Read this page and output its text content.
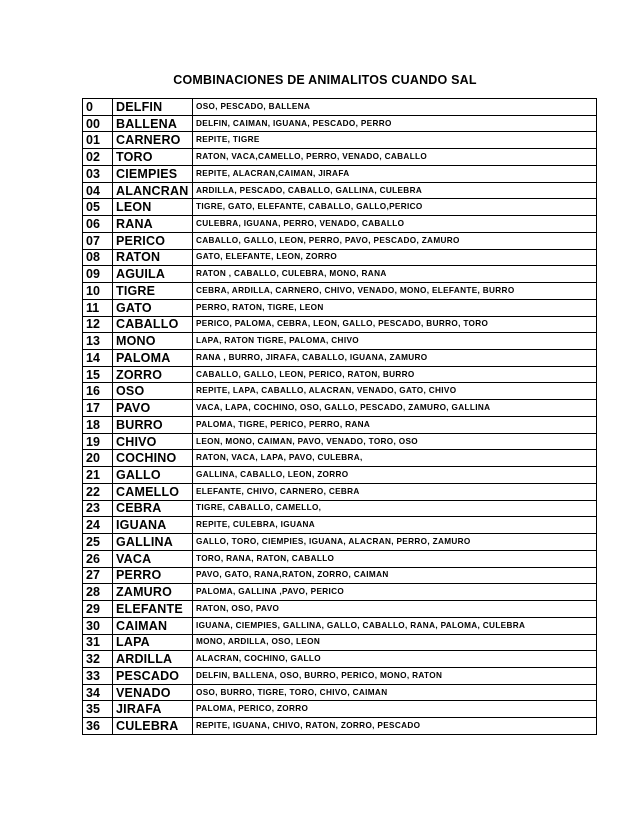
COMBINACIONES DE ANIMALITOS CUANDO SAL
0	DELFIN	OSO, PESCADO, BALLENA
00	BALLENA	DELFIN, CAIMAN, IGUANA, PESCADO, PERRO
01	CARNERO	REPITE, TIGRE
02	TORO	RATON, VACA,CAMELLO, PERRO, VENADO, CABALLO
03	CIEMPIES	REPITE, ALACRAN,CAIMAN, JIRAFA
04	ALANCRAN	ARDILLA, PESCADO, CABALLO, GALLINA, CULEBRA
05	LEON	TIGRE, GATO, ELEFANTE, CABALLO, GALLO,PERICO
06	RANA	CULEBRA, IGUANA, PERRO, VENADO, CABALLO
07	PERICO	CABALLO, GALLO, LEON, PERRO, PAVO, PESCADO, ZAMURO
08	RATON	GATO, ELEFANTE, LEON, ZORRO
09	AGUILA	RATON , CABALLO, CULEBRA, MONO, RANA
10	TIGRE	CEBRA, ARDILLA, CARNERO, CHIVO, VENADO, MONO, ELEFANTE, BURRO
11	GATO	PERRO, RATON, TIGRE, LEON
12	CABALLO	PERICO, PALOMA, CEBRA, LEON, GALLO, PESCADO, BURRO, TORO
13	MONO	LAPA, RATON TIGRE, PALOMA, CHIVO
14	PALOMA	RANA , BURRO, JIRAFA, CABALLO, IGUANA, ZAMURO
15	ZORRO	CABALLO, GALLO, LEON, PERICO, RATON, BURRO
16	OSO	REPITE, LAPA, CABALLO, ALACRAN, VENADO, GATO, CHIVO
17	PAVO	VACA, LAPA, COCHINO, OSO, GALLO, PESCADO, ZAMURO, GALLINA
18	BURRO	PALOMA, TIGRE, PERICO, PERRO, RANA
19	CHIVO	LEON, MONO, CAIMAN, PAVO, VENADO, TORO, OSO
20	COCHINO	RATON, VACA, LAPA, PAVO, CULEBRA,
21	GALLO	GALLINA, CABALLO, LEON, ZORRO
22	CAMELLO	ELEFANTE, CHIVO, CARNERO, CEBRA
23	CEBRA	TIGRE, CABALLO, CAMELLO,
24	IGUANA	REPITE, CULEBRA, IGUANA
25	GALLINA	GALLO, TORO, CIEMPIES, IGUANA, ALACRAN, PERRO, ZAMURO
26	VACA	TORO, RANA, RATON, CABALLO
27	PERRO	PAVO, GATO, RANA,RATON, ZORRO, CAIMAN
28	ZAMURO	PALOMA, GALLINA ,PAVO, PERICO
29	ELEFANTE	RATON, OSO, PAVO
30	CAIMAN	IGUANA, CIEMPIES, GALLINA, GALLO, CABALLO, RANA, PALOMA, CULEBRA
31	LAPA	MONO, ARDILLA, OSO, LEON
32	ARDILLA	ALACRAN, COCHINO, GALLO
33	PESCADO	DELFIN, BALLENA, OSO, BURRO, PERICO, MONO, RATON
34	VENADO	OSO, BURRO, TIGRE, TORO, CHIVO, CAIMAN
35	JIRAFA	PALOMA, PERICO, ZORRO
36	CULEBRA	REPITE, IGUANA, CHIVO, RATON, ZORRO, PESCADO
